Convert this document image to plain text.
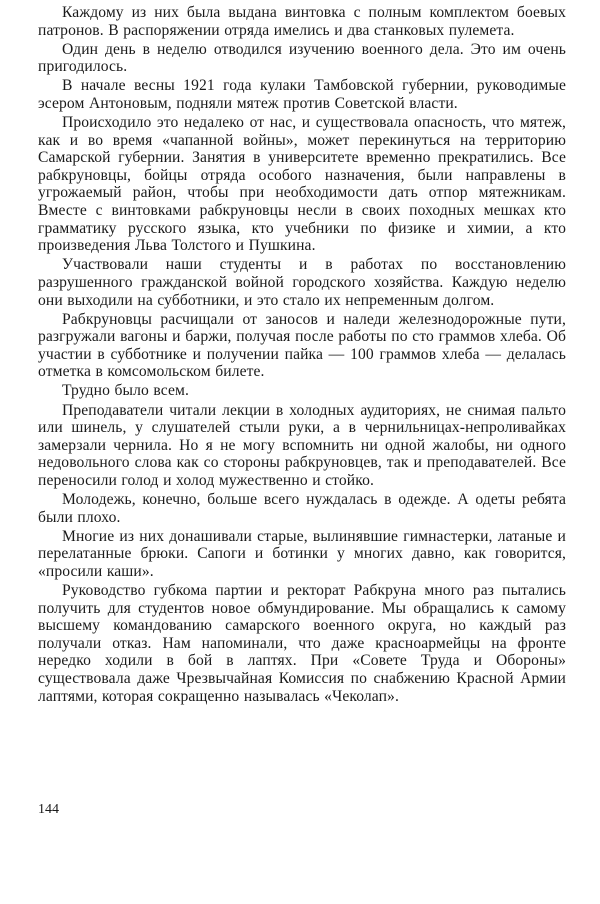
Каждому из них была выдана винтовка с полным комплектом боевых патронов. В распоряжении отряда имелись и два станковых пулемета.

Один день в неделю отводился изучению военного дела. Это им очень пригодилось.

В начале весны 1921 года кулаки Тамбовской губернии, руководимые эсером Антоновым, подняли мятеж против Советской власти.

Происходило это недалеко от нас, и существовала опасность, что мятеж, как и во время «чапанной войны», может перекинуться на территорию Самарской губернии. Занятия в университете временно прекратились. Все рабкруновцы, бойцы отряда особого назначения, были направлены в угрожаемый район, чтобы при необходимости дать отпор мятежникам. Вместе с винтовками рабкруновцы несли в своих походных мешках кто грамматику русского языка, кто учебники по физике и химии, а кто произведения Льва Толстого и Пушкина.

Участвовали наши студенты и в работах по восстановлению разрушенного гражданской войной городского хозяйства. Каждую неделю они выходили на субботники, и это стало их непременным долгом.

Рабкруновцы расчищали от заносов и наледи железнодорожные пути, разгружали вагоны и баржи, получая после работы по сто граммов хлеба. Об участии в субботнике и получении пайка — 100 граммов хлеба — делалась отметка в комсомольском билете.

Трудно было всем.

Преподаватели читали лекции в холодных аудиториях, не снимая пальто или шинель, у слушателей стыли руки, а в чернильницах-непроливайках замерзали чернила. Но я не могу вспомнить ни одной жалобы, ни одного недовольного слова как со стороны рабкруновцев, так и преподавателей. Все переносили голод и холод мужественно и стойко.

Молодежь, конечно, больше всего нуждалась в одежде. А одеты ребята были плохо.

Многие из них донашивали старые, вылинявшие гимнастерки, латаные и перелатанные брюки. Сапоги и ботинки у многих давно, как говорится, «просили каши».

Руководство губкома партии и ректорат Рабкруна много раз пытались получить для студентов новое обмундирование. Мы обращались к самому высшему командованию самарского военного округа, но каждый раз получали отказ. Нам напоминали, что даже красноармейцы на фронте нередко ходили в бой в лаптях. При «Совете Труда и Обороны» существовала даже Чрезвычайная Комиссия по снабжению Красной Армии лаптями, которая сокращенно называлась «Чеколап».

144
